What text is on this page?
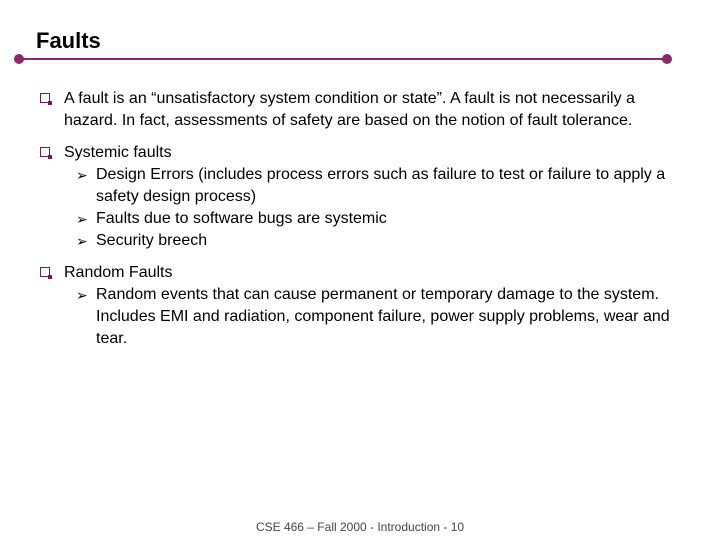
Faults
A fault is an “unsatisfactory system condition or state”. A fault is not necessarily a hazard. In fact, assessments of safety are based on the notion of fault tolerance.
Systemic faults
➢ Design Errors (includes process errors such as failure to test or failure to apply a safety design process)
➢ Faults due to software bugs are systemic
➢ Security breech
Random Faults
➢ Random events that can cause permanent or temporary damage to the system. Includes EMI and radiation, component failure, power supply problems, wear and tear.
CSE 466 – Fall 2000 - Introduction - 10
